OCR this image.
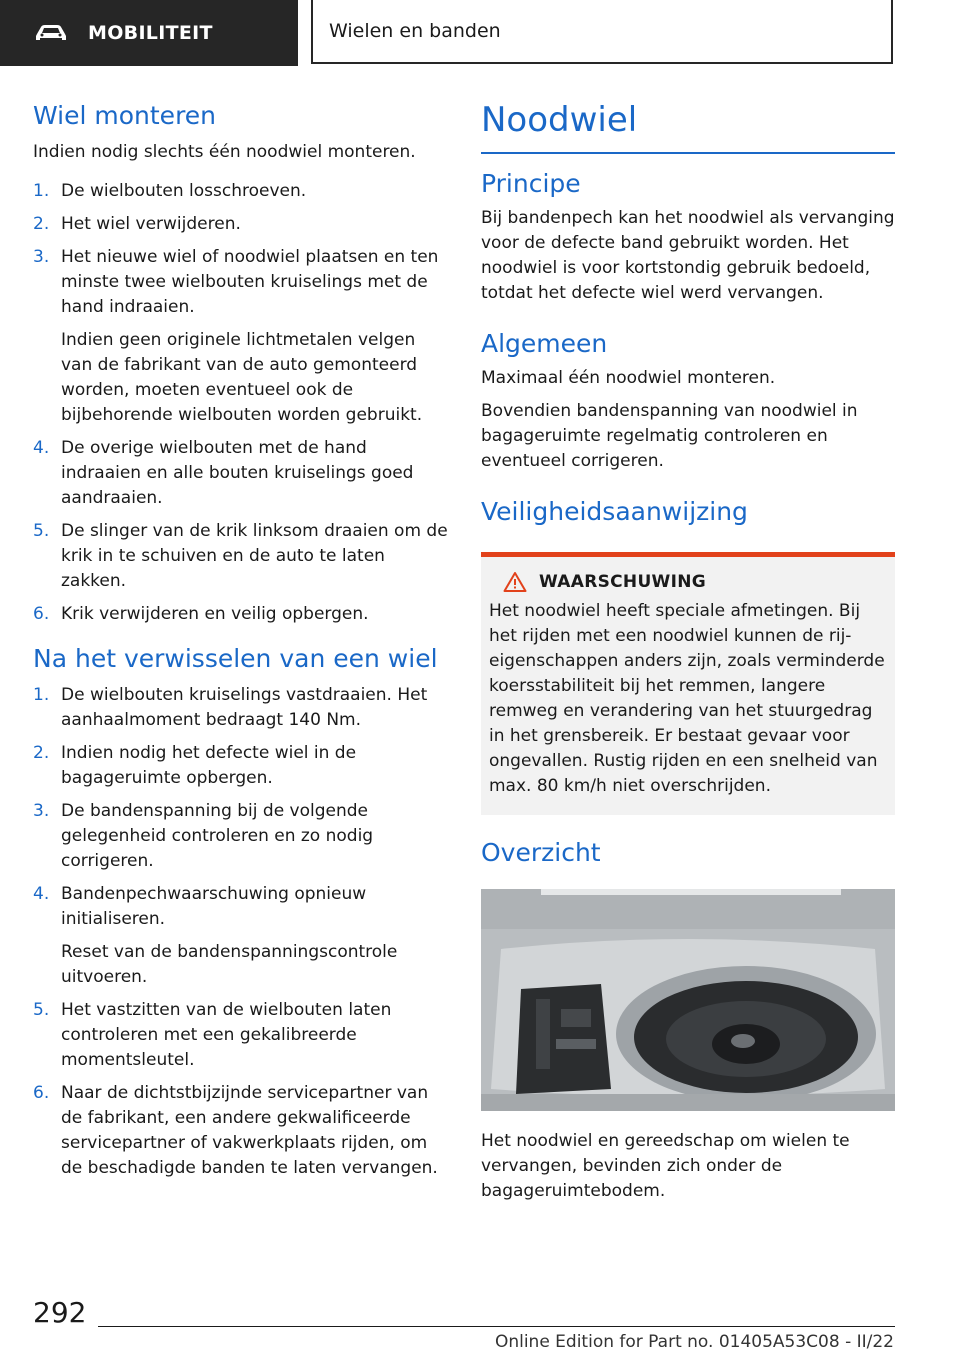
MOBILITEIT	Wielen en banden
Wiel monteren

Indien nodig slechts één noodwiel monteren.

1. De wielbouten losschroeven.
2. Het wiel verwijderen.
3. Het nieuwe wiel of noodwiel plaatsen en ten minste twee wielbouten kruiselings met de hand indraaien.

Indien geen originele lichtmetalen velgen van de fabrikant van de auto gemonteerd worden, moeten eventueel ook de bijbehorende wielbouten worden gebruikt.

4. De overige wielbouten met de hand indraaien en alle bouten kruiselings goed aandraaien.
5. De slinger van de krik linksom draaien om de krik in te schuiven en de auto te laten zakken.
6. Krik verwijderen en veilig opbergen.
Na het verwisselen van een wiel
1. De wielbouten kruiselings vastdraaien. Het aanhaalmoment bedraagt 140 Nm.
2. Indien nodig het defecte wiel in de bagageruimte opbergen.
3. De bandenspanning bij de volgende gelegenheid controleren en zo nodig corrigeren.
4. Bandenpechwaarschuwing opnieuw initialiseren.

Reset van de bandenspanningscontrole uitvoeren.

5. Het vastzitten van de wielbouten laten controleren met een gekalibreerde momentsleutel.
6. Naar de dichtstbijzijnde servicepartner van de fabrikant, een andere gekwalificeerde servicepartner of vakwerkplaats rijden, om de beschadigde banden te laten vervangen.
Noodwiel
Principe

Bij bandenpech kan het noodwiel als vervanging voor de defecte band gebruikt worden. Het noodwiel is voor kortstondig gebruik bedoeld, totdat het defecte wiel werd vervangen.

Algemeen

Maximaal één noodwiel monteren.

Bovendien bandenspanning van noodwiel in bagageruimte regelmatig controleren en eventueel corrigeren.

Veiligheidsaanwijzing
WAARSCHUWING

Het noodwiel heeft speciale afmetingen. Bij het rijden met een noodwiel kunnen de rij-eigenschappen anders zijn, zoals verminderde koersstabiliteit bij het remmen, langere remweg en verandering van het stuurgedrag in het grensbereik. Er bestaat gevaar voor ongevallen. Rustig rijden en een snelheid van max. 80 km/h niet overschrijden.

Overzicht

Het noodwiel en gereedschap om wielen te vervangen, bevinden zich onder de bagageruimtebodem.

292
Online Edition for Part no. 01405A53C08 - II/22
